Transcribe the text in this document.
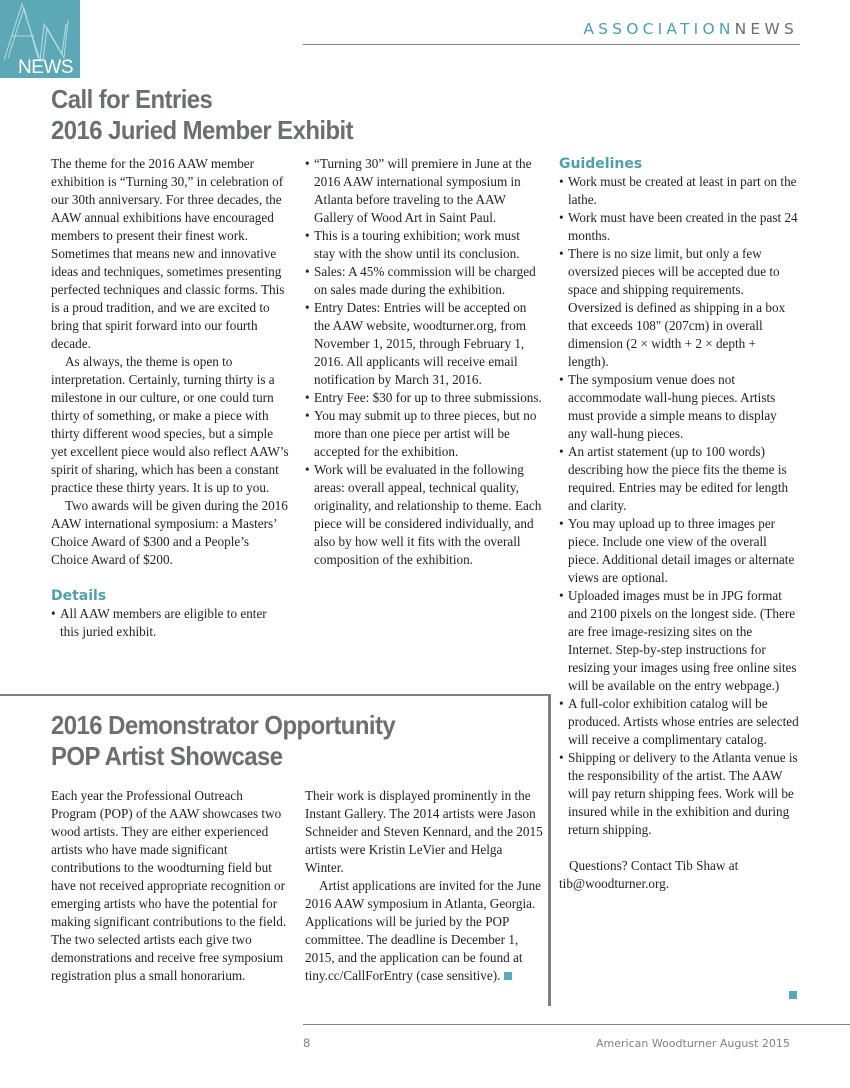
NEWS
ASSOCIATIONNEWS
Call for Entries
2016 Juried Member Exhibit

The theme for the 2016 AAW member exhibition is “Turning 30,” in celebration of our 30th anniversary. For three decades, the AAW annual exhibitions have encouraged members to present their finest work. Sometimes that means new and innovative ideas and techniques, sometimes presenting perfected techniques and classic forms. This is a proud tradition, and we are excited to bring that spirit forward into our fourth decade.

As always, the theme is open to interpretation. Certainly, turning thirty is a milestone in our culture, or one could turn thirty of something, or make a piece with thirty different wood species, but a simple yet excellent piece would also reflect AAW’s spirit of sharing, which has been a constant practice these thirty years. It is up to you.

Two awards will be given during the 2016 AAW international symposium: a Masters’ Choice Award of $300 and a People’s Choice Award of $200.

Details
• All AAW members are eligible to enter this juried exhibit.
• “Turning 30” will premiere in June at the 2016 AAW international symposium in Atlanta before traveling to the AAW Gallery of Wood Art in Saint Paul.
• This is a touring exhibition; work must stay with the show until its conclusion.
• Sales: A 45% commission will be charged on sales made during the exhibition.
• Entry Dates: Entries will be accepted on the AAW website, woodturner.org, from November 1, 2015, through February 1, 2016. All applicants will receive email notification by March 31, 2016.
• Entry Fee: $30 for up to three submissions.
• You may submit up to three pieces, but no more than one piece per artist will be accepted for the exhibition.
• Work will be evaluated in the following areas: overall appeal, technical quality, originality, and relationship to theme. Each piece will be considered individually, and also by how well it fits with the overall composition of the exhibition.
Guidelines
• Work must be created at least in part on the lathe.
• Work must have been created in the past 24 months.
• There is no size limit, but only a few oversized pieces will be accepted due to space and shipping requirements. Oversized is defined as shipping in a box that exceeds 108" (207cm) in overall dimension (2 × width + 2 × depth + length).
• The symposium venue does not accommodate wall-hung pieces. Artists must provide a simple means to display any wall-hung pieces.
• An artist statement (up to 100 words) describing how the piece fits the theme is required. Entries may be edited for length and clarity.
• You may upload up to three images per piece. Include one view of the overall piece. Additional detail images or alternate views are optional.
• Uploaded images must be in JPG format and 2100 pixels on the longest side. (There are free image-resizing sites on the Internet. Step-by-step instructions for resizing your images using free online sites will be available on the entry webpage.)
• A full-color exhibition catalog will be produced. Artists whose entries are selected will receive a complimentary catalog.
• Shipping or delivery to the Atlanta venue is the responsibility of the artist. The AAW will pay return shipping fees. Work will be insured while in the exhibition and during return shipping.

Questions? Contact Tib Shaw at tib@woodturner.org.

2016 Demonstrator Opportunity
POP Artist Showcase

Each year the Professional Outreach Program (POP) of the AAW showcases two wood artists. They are either experienced artists who have made significant contributions to the woodturning field but have not received appropriate recognition or emerging artists who have the potential for making significant contributions to the field. The two selected artists each give two demonstrations and receive free symposium registration plus a small honorarium.

Their work is displayed prominently in the Instant Gallery. The 2014 artists were Jason Schneider and Steven Kennard, and the 2015 artists were Kristin LeVier and Helga Winter.

Artist applications are invited for the June 2016 AAW symposium in Atlanta, Georgia. Applications will be juried by the POP committee. The deadline is December 1, 2015, and the application can be found at tiny.cc/CallForEntry (case sensitive).

8	American Woodturner August 2015
